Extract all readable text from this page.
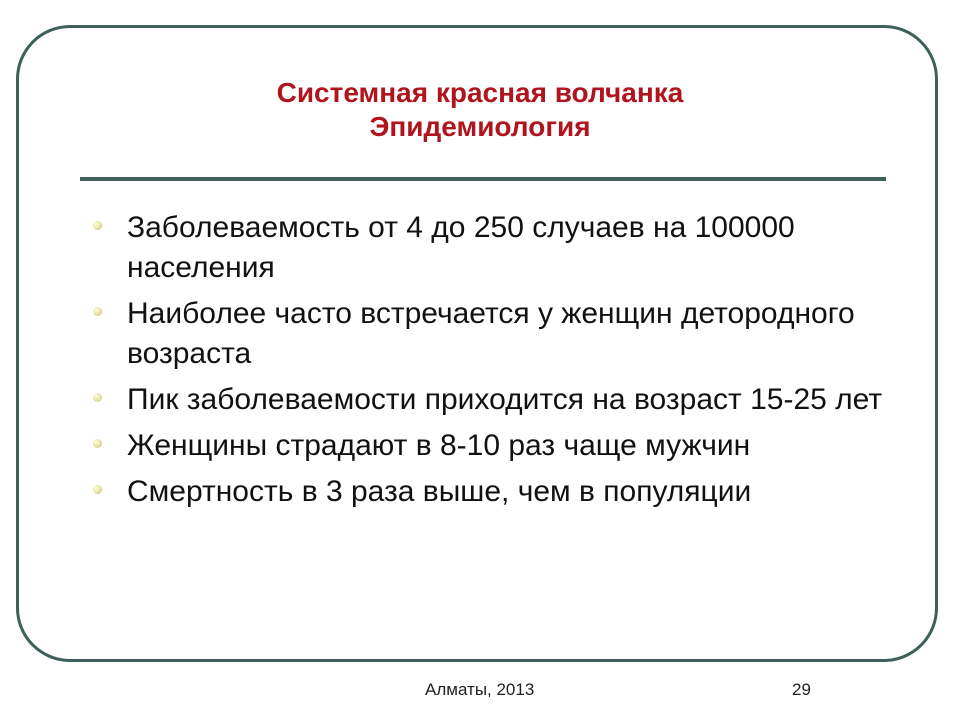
Системная красная волчанка
Эпидемиология
Заболеваемость от 4 до 250 случаев на 100000 населения
Наиболее часто встречается у женщин детородного возраста
Пик заболеваемости приходится на возраст 15-25 лет
Женщины страдают в 8-10 раз чаще мужчин
Смертность в 3 раза выше, чем в популяции
Алматы, 2013	29
